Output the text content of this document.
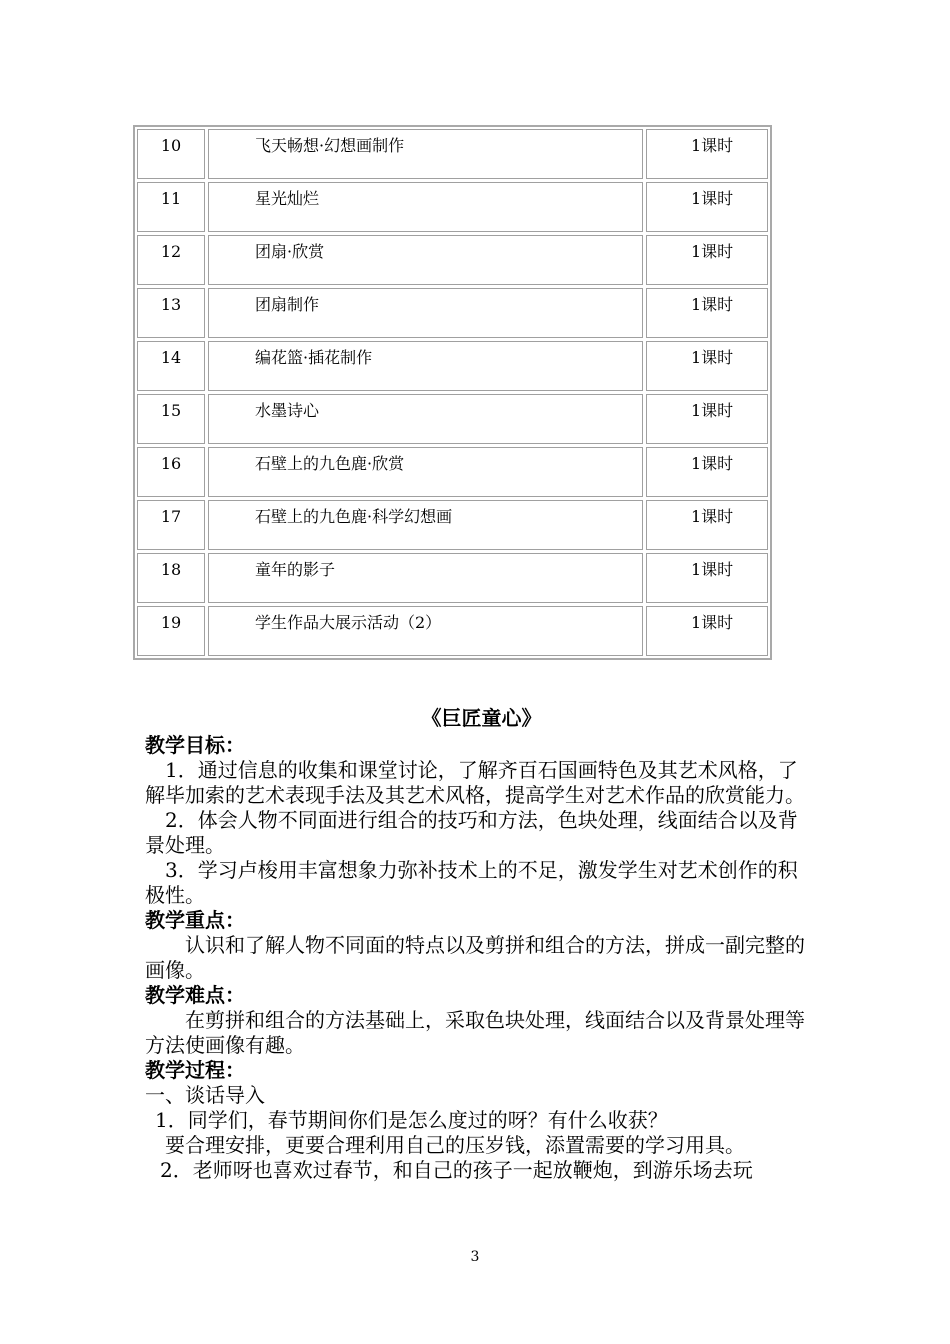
10	飞天畅想·幻想画制作	1课时
11	星光灿烂	1课时
12	团扇·欣赏	1课时
13	团扇制作	1课时
14	编花篮·插花制作	1课时
15	水墨诗心	1课时
16	石壁上的九色鹿·欣赏	1课时
17	石壁上的九色鹿·科学幻想画	1课时
18	童年的影子	1课时
19	学生作品大展示活动（2）	1课时

《巨匠童心》

教学目标：

1．通过信息的收集和课堂讨论，了解齐百石国画特色及其艺术风格，了解毕加索的艺术表现手法及其艺术风格，提高学生对艺术作品的欣赏能力。

2．体会人物不同面进行组合的技巧和方法，色块处理，线面结合以及背景处理。

3．学习卢梭用丰富想象力弥补技术上的不足，激发学生对艺术创作的积极性。

教学重点：

认识和了解人物不同面的特点以及剪拼和组合的方法，拼成一副完整的画像。

教学难点：

在剪拼和组合的方法基础上，采取色块处理，线面结合以及背景处理等方法使画像有趣。

教学过程：

一、谈话导入

1．同学们，春节期间你们是怎么度过的呀？有什么收获？

要合理安排，更要合理利用自己的压岁钱，添置需要的学习用具。

2．老师呀也喜欢过春节，和自己的孩子一起放鞭炮，到游乐场去玩

3
